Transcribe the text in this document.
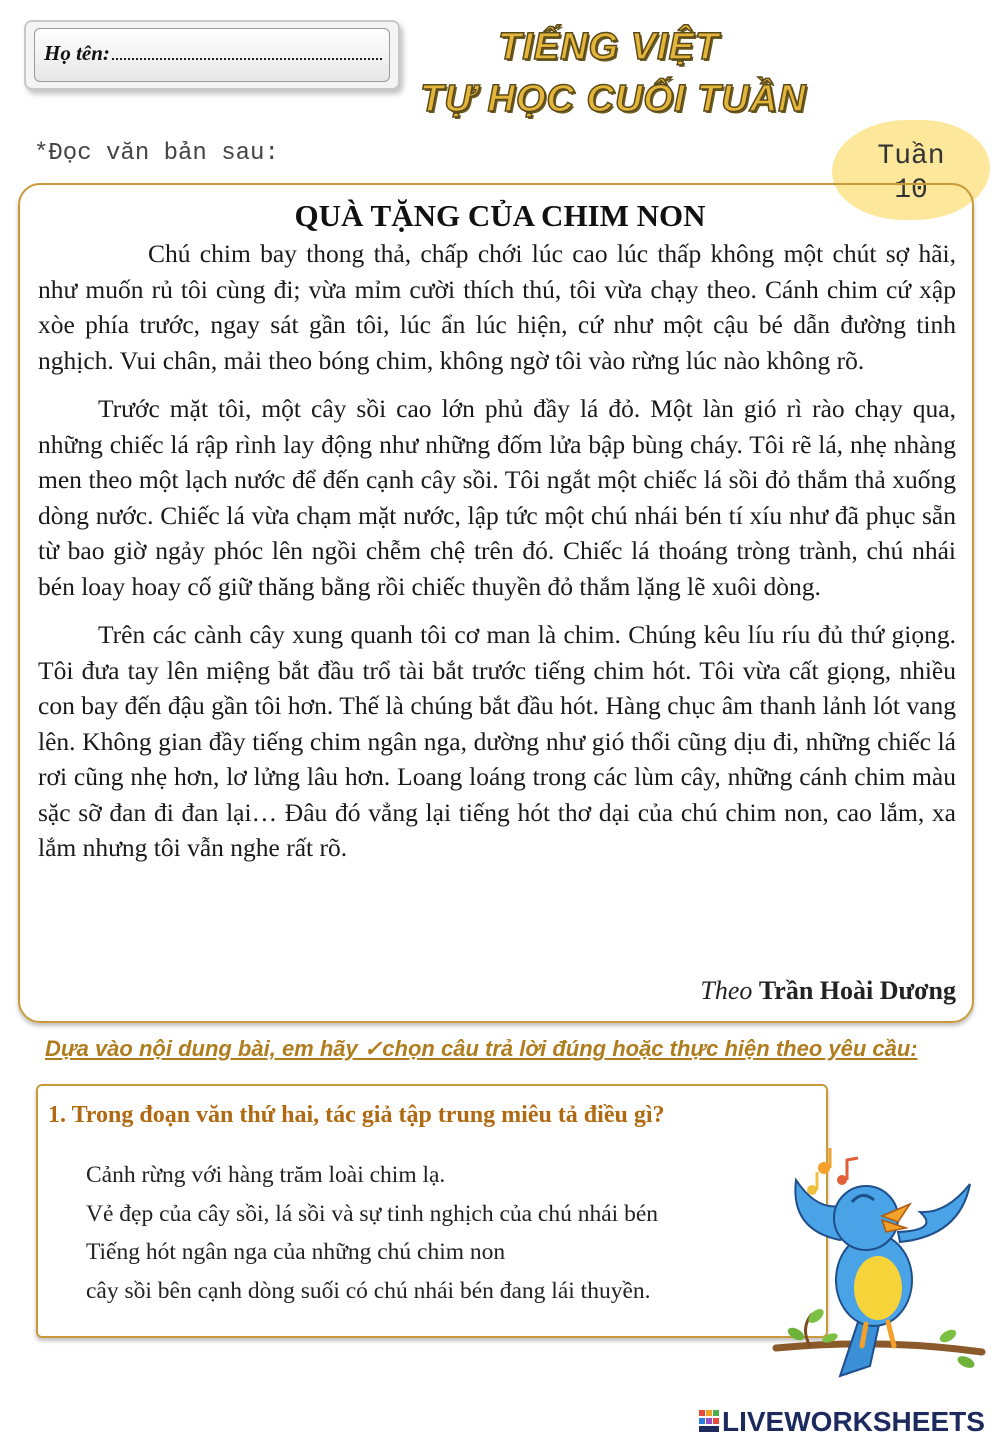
Họ tên:	TIẾNG VIỆT
TỰ HỌC CUỐI TUẦN
*Đọc văn bản sau:	Tuần
10
QUÀ TẶNG CỦA CHIM NON

Chú chim bay thong thả, chấp chới lúc cao lúc thấp không một chút sợ hãi, như muốn rủ tôi cùng đi; vừa mỉm cười thích thú, tôi vừa chạy theo. Cánh chim cứ xập xòe phía trước, ngay sát gần tôi, lúc ẩn lúc hiện, cứ như một cậu bé dẫn đường tinh nghịch. Vui chân, mải theo bóng chim, không ngờ tôi vào rừng lúc nào không rõ.

Trước mặt tôi, một cây sồi cao lớn phủ đầy lá đỏ. Một làn gió rì rào chạy qua, những chiếc lá rập rình lay động như những đốm lửa bập bùng cháy. Tôi rẽ lá, nhẹ nhàng men theo một lạch nước để đến cạnh cây sồi. Tôi ngắt một chiếc lá sồi đỏ thắm thả xuống dòng nước. Chiếc lá vừa chạm mặt nước, lập tức một chú nhái bén tí xíu như đã phục sẵn từ bao giờ ngảy phóc lên ngồi chễm chệ trên đó. Chiếc lá thoáng tròng trành, chú nhái bén loay hoay cố giữ thăng bằng rồi chiếc thuyền đỏ thắm lặng lẽ xuôi dòng.

Trên các cành cây xung quanh tôi cơ man là chim. Chúng kêu líu ríu đủ thứ giọng. Tôi đưa tay lên miệng bắt đầu trổ tài bắt trước tiếng chim hót. Tôi vừa cất giọng, nhiều con bay đến đậu gần tôi hơn. Thế là chúng bắt đầu hót. Hàng chục âm thanh lảnh lót vang lên. Không gian đầy tiếng chim ngân nga, dường như gió thổi cũng dịu đi, những chiếc lá rơi cũng nhẹ hơn, lơ lửng lâu hơn. Loang loáng trong các lùm cây, những cánh chim màu sặc sỡ đan đi đan lại… Đâu đó vẳng lại tiếng hót thơ dại của chú chim non, cao lắm, xa lắm nhưng tôi vẫn nghe rất rõ.

Theo Trần Hoài Dương
Dựa vào nội dung bài, em hãy ✓chọn câu trả lời đúng hoặc thực hiện theo yêu cầu:
1. Trong đoạn văn thứ hai, tác giả tập trung miêu tả điều gì?
Cảnh rừng với hàng trăm loài chim lạ.
Vẻ đẹp của cây sồi, lá sồi và sự tinh nghịch của chú nhái bén
Tiếng hót ngân nga của những chú chim non
cây sồi bên cạnh dòng suối có chú nhái bén đang lái thuyền.
LIVEWORKSHEETS
